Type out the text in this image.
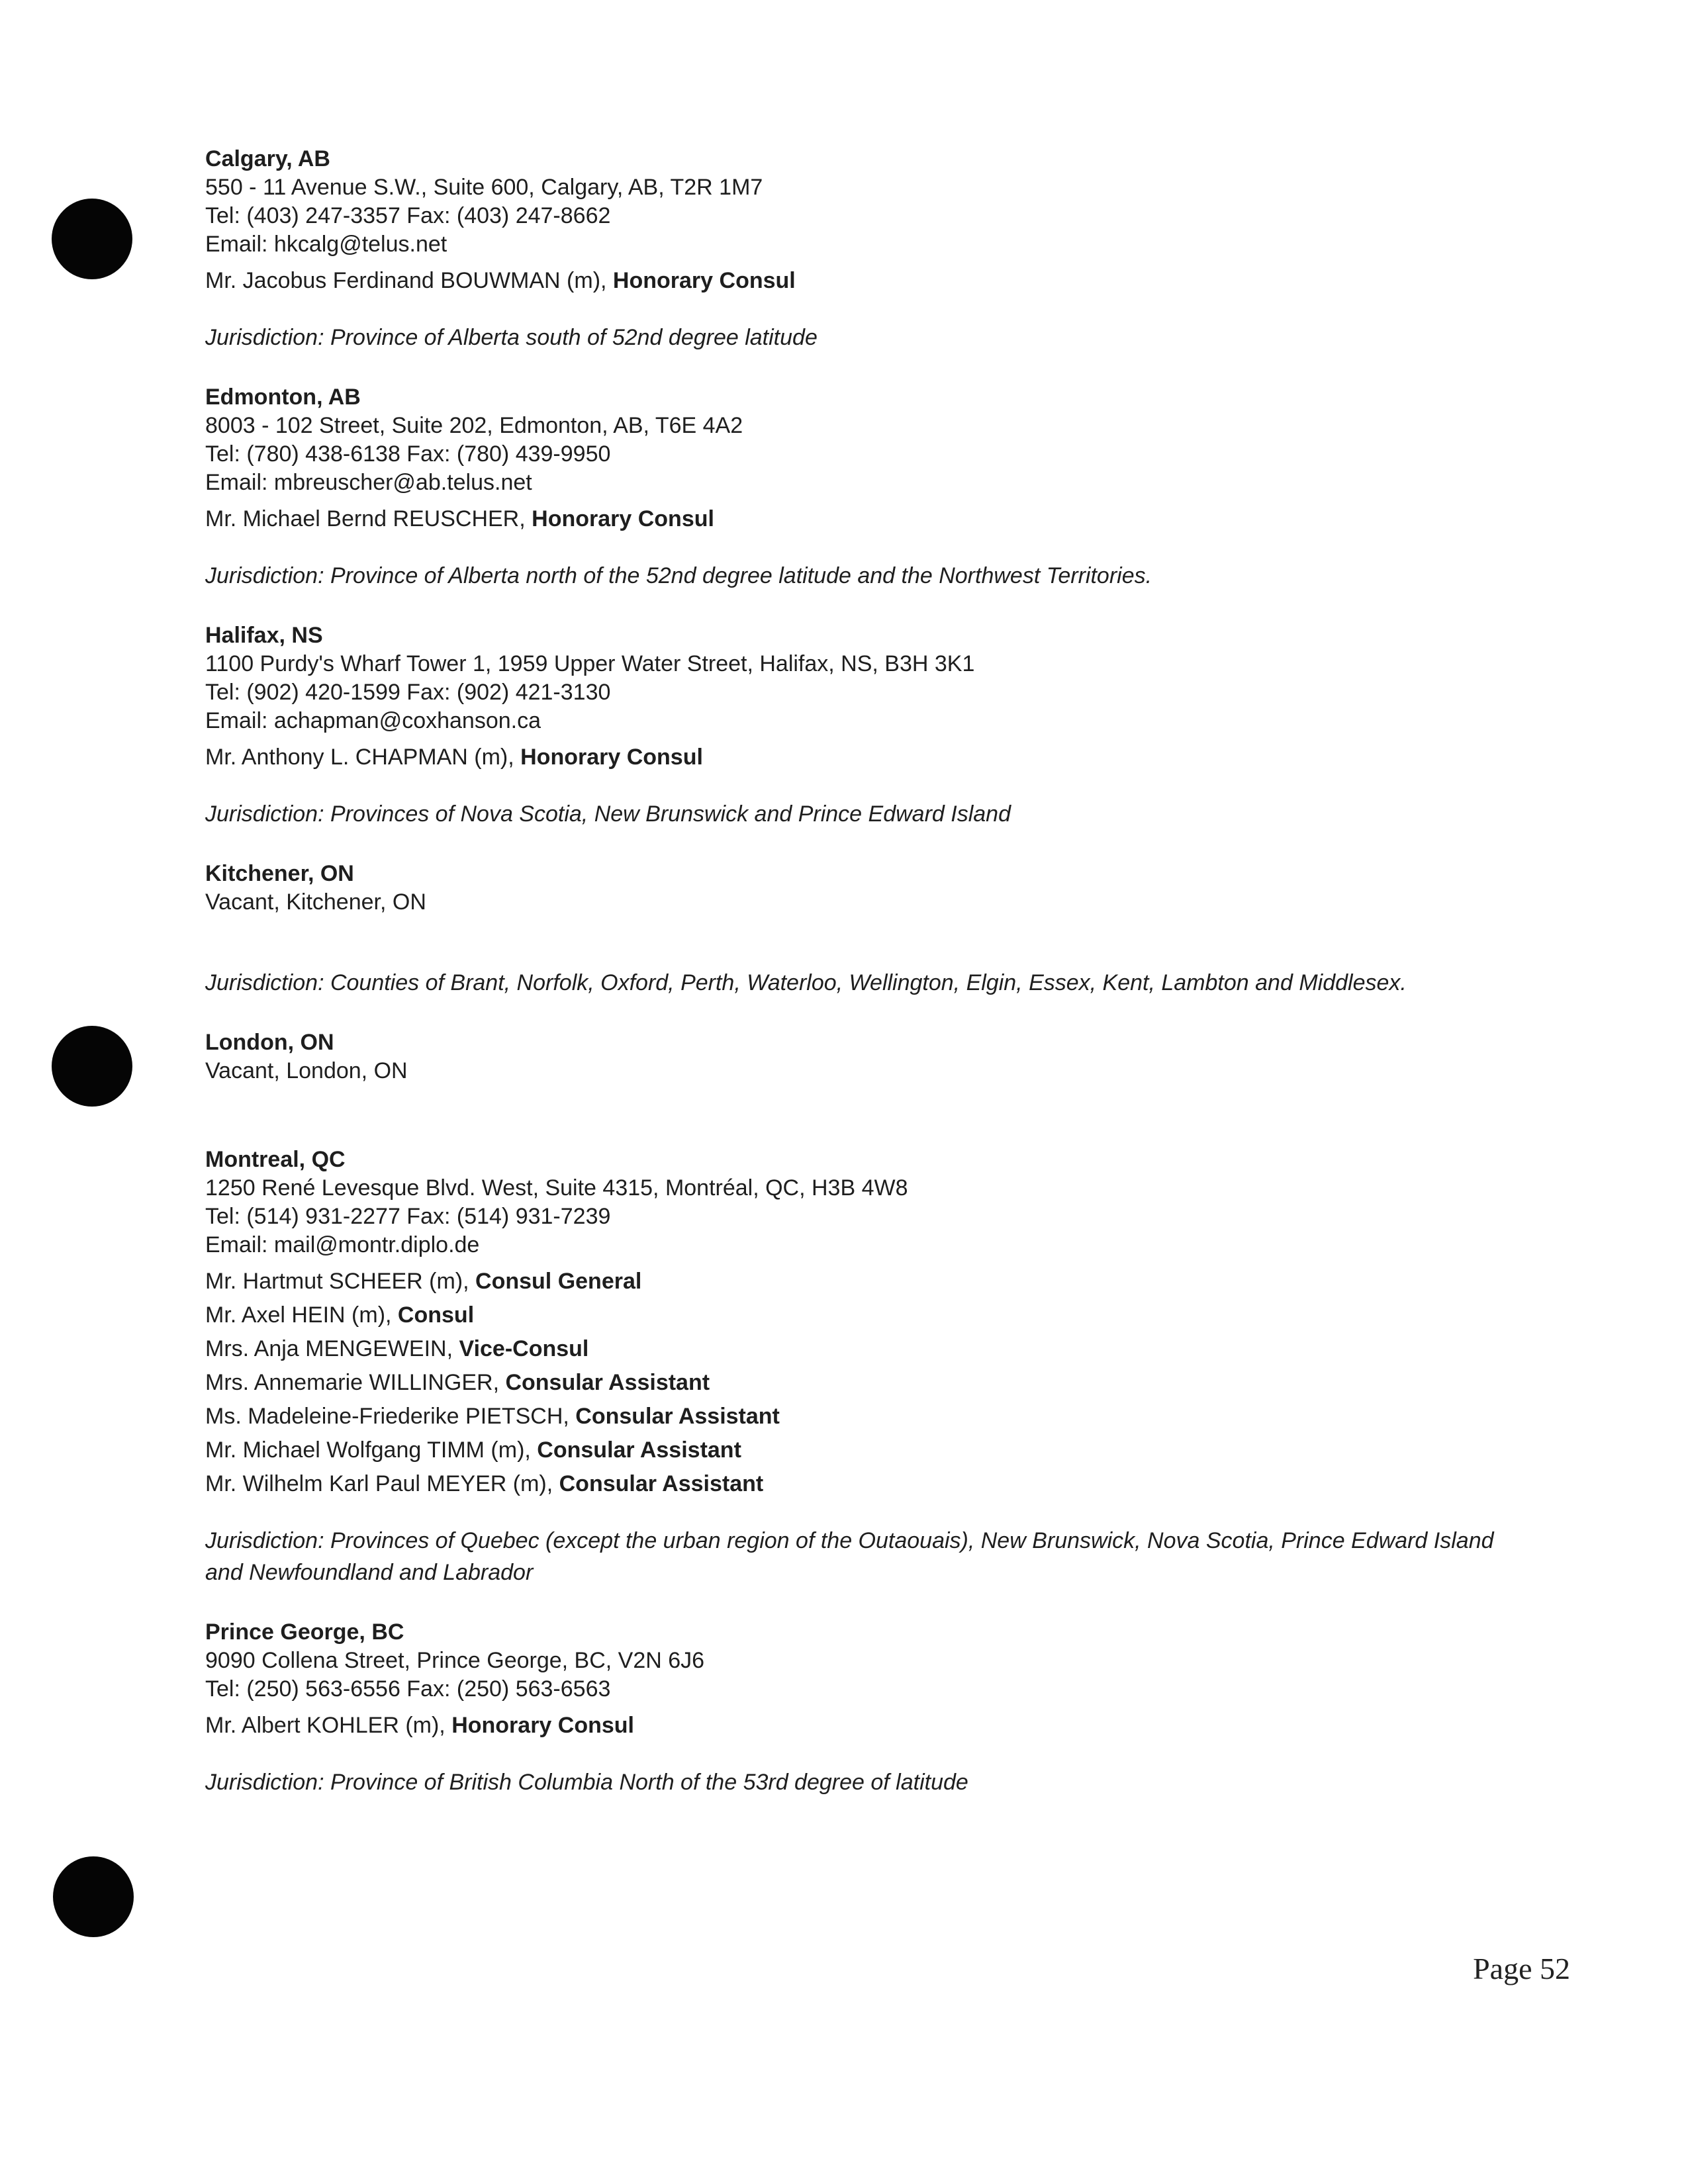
Calgary, AB

550 - 11 Avenue S.W., Suite 600, Calgary, AB, T2R 1M7

Tel: (403) 247-3357 Fax: (403) 247-8662

Email: hkcalg@telus.net

Mr. Jacobus Ferdinand BOUWMAN (m), Honorary Consul

Jurisdiction: Province of Alberta south of 52nd degree latitude

Edmonton, AB

8003 - 102 Street, Suite 202, Edmonton, AB, T6E 4A2

Tel: (780) 438-6138 Fax: (780) 439-9950

Email: mbreuscher@ab.telus.net

Mr. Michael Bernd REUSCHER, Honorary Consul

Jurisdiction: Province of Alberta north of the 52nd degree latitude and the Northwest Territories.

Halifax, NS

1100 Purdy's Wharf Tower 1, 1959 Upper Water Street, Halifax, NS, B3H 3K1

Tel: (902) 420-1599 Fax: (902) 421-3130

Email: achapman@coxhanson.ca

Mr. Anthony L. CHAPMAN (m), Honorary Consul

Jurisdiction: Provinces of Nova Scotia, New Brunswick and Prince Edward Island

Kitchener, ON

Vacant, Kitchener, ON

Jurisdiction: Counties of Brant, Norfolk, Oxford, Perth, Waterloo, Wellington, Elgin, Essex, Kent, Lambton and Middlesex.

London, ON

Vacant, London, ON

Montreal, QC

1250 René Levesque Blvd. West, Suite 4315, Montréal, QC, H3B 4W8

Tel: (514) 931-2277 Fax: (514) 931-7239

Email: mail@montr.diplo.de

Mr. Hartmut SCHEER (m), Consul General

Mr. Axel HEIN (m), Consul

Mrs. Anja MENGEWEIN, Vice-Consul

Mrs. Annemarie WILLINGER, Consular Assistant

Ms. Madeleine-Friederike PIETSCH, Consular Assistant

Mr. Michael Wolfgang TIMM (m), Consular Assistant

Mr. Wilhelm Karl Paul MEYER (m), Consular Assistant

Jurisdiction: Provinces of Quebec (except the urban region of the Outaouais), New Brunswick, Nova Scotia, Prince Edward Island and Newfoundland and Labrador

Prince George, BC

9090 Collena Street, Prince George, BC, V2N 6J6

Tel: (250) 563-6556 Fax: (250) 563-6563

Mr. Albert KOHLER (m), Honorary Consul

Jurisdiction: Province of British Columbia North of the 53rd degree of latitude

Page 52
